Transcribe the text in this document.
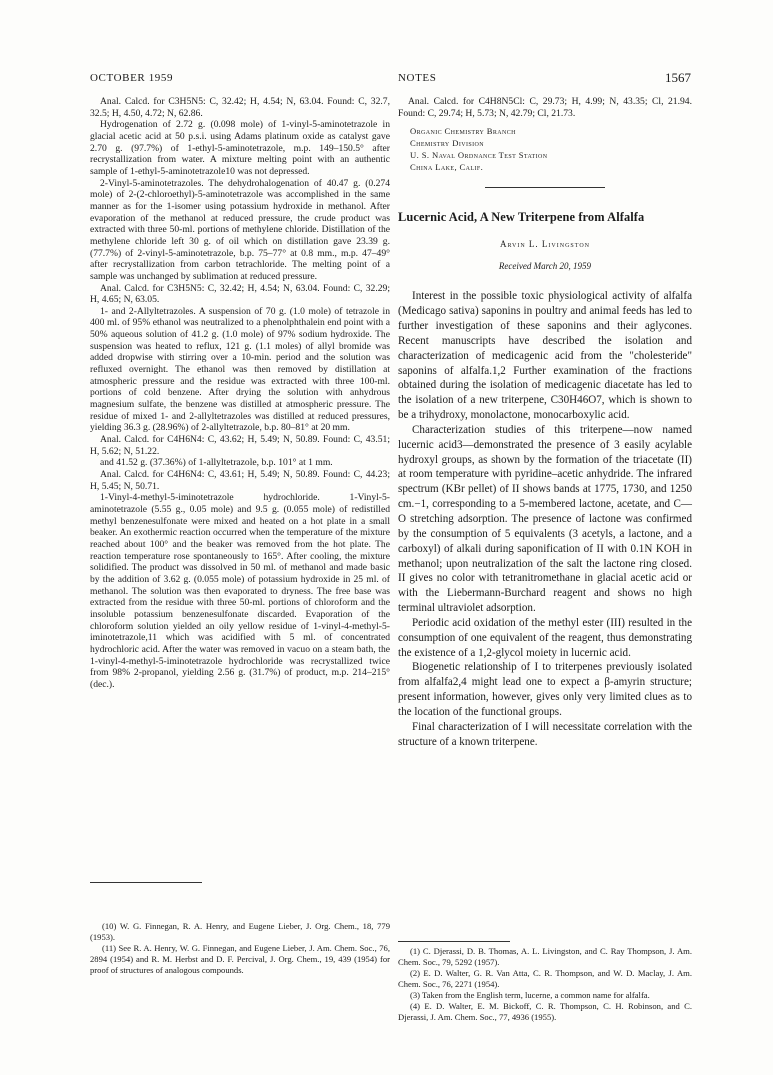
OCTOBER 1959	NOTES	1567

Anal. Calcd. for C3H5N5: C, 32.42; H, 4.54; N, 63.04. Found: C, 32.7, 32.5; H, 4.50, 4.72; N, 62.86.

Hydrogenation of 2.72 g. (0.098 mole) of 1-vinyl-5-aminotetrazole in glacial acetic acid at 50 p.s.i. using Adams platinum oxide as catalyst gave 2.70 g. (97.7%) of 1-ethyl-5-aminotetrazole, m.p. 149–150.5° after recrystallization from water. A mixture melting point with an authentic sample of 1-ethyl-5-aminotetrazole10 was not depressed.

2-Vinyl-5-aminotetrazoles. The dehydrohalogenation of 40.47 g. (0.274 mole) of 2-(2-chloroethyl)-5-aminotetrazole was accomplished in the same manner as for the 1-isomer using potassium hydroxide in methanol. After evaporation of the methanol at reduced pressure, the crude product was extracted with three 50-ml. portions of methylene chloride. Distillation of the methylene chloride left 30 g. of oil which on distillation gave 23.39 g. (77.7%) of 2-vinyl-5-aminotetrazole, b.p. 75–77° at 0.8 mm., m.p. 47–49° after recrystallization from carbon tetrachloride. The melting point of a sample was unchanged by sublimation at reduced pressure.

Anal. Calcd. for C3H5N5: C, 32.42; H, 4.54; N, 63.04. Found: C, 32.29; H, 4.65; N, 63.05.

1- and 2-Allyltetrazoles. A suspension of 70 g. (1.0 mole) of tetrazole in 400 ml. of 95% ethanol was neutralized to a phenolphthalein end point with a 50% aqueous solution of 41.2 g. (1.0 mole) of 97% sodium hydroxide. The suspension was heated to reflux, 121 g. (1.1 moles) of allyl bromide was added dropwise with stirring over a 10-min. period and the solution was refluxed overnight. The ethanol was then removed by distillation at atmospheric pressure and the residue was extracted with three 100-ml. portions of cold benzene. After drying the solution with anhydrous magnesium sulfate, the benzene was distilled at atmospheric pressure. The residue of mixed 1- and 2-allyltetrazoles was distilled at reduced pressures, yielding 36.3 g. (28.96%) of 2-allyltetrazole, b.p. 80–81° at 20 mm.

Anal. Calcd. for C4H6N4: C, 43.62; H, 5.49; N, 50.89. Found: C, 43.51; H, 5.62; N, 51.22.

and 41.52 g. (37.36%) of 1-allyltetrazole, b.p. 101° at 1 mm.

Anal. Calcd. for C4H6N4: C, 43.61; H, 5.49; N, 50.89. Found: C, 44.23; H, 5.45; N, 50.71.

1-Vinyl-4-methyl-5-iminotetrazole hydrochloride. 1-Vinyl-5-aminotetrazole (5.55 g., 0.05 mole) and 9.5 g. (0.055 mole) of redistilled methyl benzenesulfonate were mixed and heated on a hot plate in a small beaker. An exothermic reaction occurred when the temperature of the mixture reached about 100° and the beaker was removed from the hot plate. The reaction temperature rose spontaneously to 165°. After cooling, the mixture solidified. The product was dissolved in 50 ml. of methanol and made basic by the addition of 3.62 g. (0.055 mole) of potassium hydroxide in 25 ml. of methanol. The solution was then evaporated to dryness. The free base was extracted from the residue with three 50-ml. portions of chloroform and the insoluble potassium benzenesulfonate discarded. Evaporation of the chloroform solution yielded an oily yellow residue of 1-vinyl-4-methyl-5-iminotetrazole,11 which was acidified with 5 ml. of concentrated hydrochloric acid. After the water was removed in vacuo on a steam bath, the 1-vinyl-4-methyl-5-iminotetrazole hydrochloride was recrystallized twice from 98% 2-propanol, yielding 2.56 g. (31.7%) of product, m.p. 214–215° (dec.).

(10) W. G. Finnegan, R. A. Henry, and Eugene Lieber, J. Org. Chem., 18, 779 (1953).

(11) See R. A. Henry, W. G. Finnegan, and Eugene Lieber, J. Am. Chem. Soc., 76, 2894 (1954) and R. M. Herbst and D. F. Percival, J. Org. Chem., 19, 439 (1954) for proof of structures of analogous compounds.

Anal. Calcd. for C4H8N5Cl: C, 29.73; H, 4.99; N, 43.35; Cl, 21.94. Found: C, 29.74; H, 5.73; N, 42.79; Cl, 21.73.

Organic Chemistry Branch
Chemistry Division
U. S. Naval Ordnance Test Station
China Lake, Calif.
Lucernic Acid, A New Triterpene from Alfalfa
Arvin L. Livingston
Received March 20, 1959

Interest in the possible toxic physiological activity of alfalfa (Medicago sativa) saponins in poultry and animal feeds has led to further investigation of these saponins and their aglycones. Recent manuscripts have described the isolation and characterization of medicagenic acid from the "cholesteride" saponins of alfalfa.1,2 Further examination of the fractions obtained during the isolation of medicagenic diacetate has led to the isolation of a new triterpene, C30H46O7, which is shown to be a trihydroxy, monolactone, monocarboxylic acid.

Characterization studies of this triterpene—now named lucernic acid3—demonstrated the presence of 3 easily acylable hydroxyl groups, as shown by the formation of the triacetate (II) at room temperature with pyridine–acetic anhydride. The infrared spectrum (KBr pellet) of II shows bands at 1775, 1730, and 1250 cm.−1, corresponding to a 5-membered lactone, acetate, and C—O stretching adsorption. The presence of lactone was confirmed by the consumption of 5 equivalents (3 acetyls, a lactone, and a carboxyl) of alkali during saponification of II with 0.1N KOH in methanol; upon neutralization of the salt the lactone ring closed. II gives no color with tetranitromethane in glacial acetic acid or with the Liebermann-Burchard reagent and shows no high terminal ultraviolet adsorption.

Periodic acid oxidation of the methyl ester (III) resulted in the consumption of one equivalent of the reagent, thus demonstrating the existence of a 1,2-glycol moiety in lucernic acid.

Biogenetic relationship of I to triterpenes previously isolated from alfalfa2,4 might lead one to expect a β-amyrin structure; present information, however, gives only very limited clues as to the location of the functional groups.

Final characterization of I will necessitate correlation with the structure of a known triterpene.

(1) C. Djerassi, D. B. Thomas, A. L. Livingston, and C. Ray Thompson, J. Am. Chem. Soc., 79, 5292 (1957).

(2) E. D. Walter, G. R. Van Atta, C. R. Thompson, and W. D. Maclay, J. Am. Chem. Soc., 76, 2271 (1954).

(3) Taken from the English term, lucerne, a common name for alfalfa.

(4) E. D. Walter, E. M. Bickoff, C. R. Thompson, C. H. Robinson, and C. Djerassi, J. Am. Chem. Soc., 77, 4936 (1955).
